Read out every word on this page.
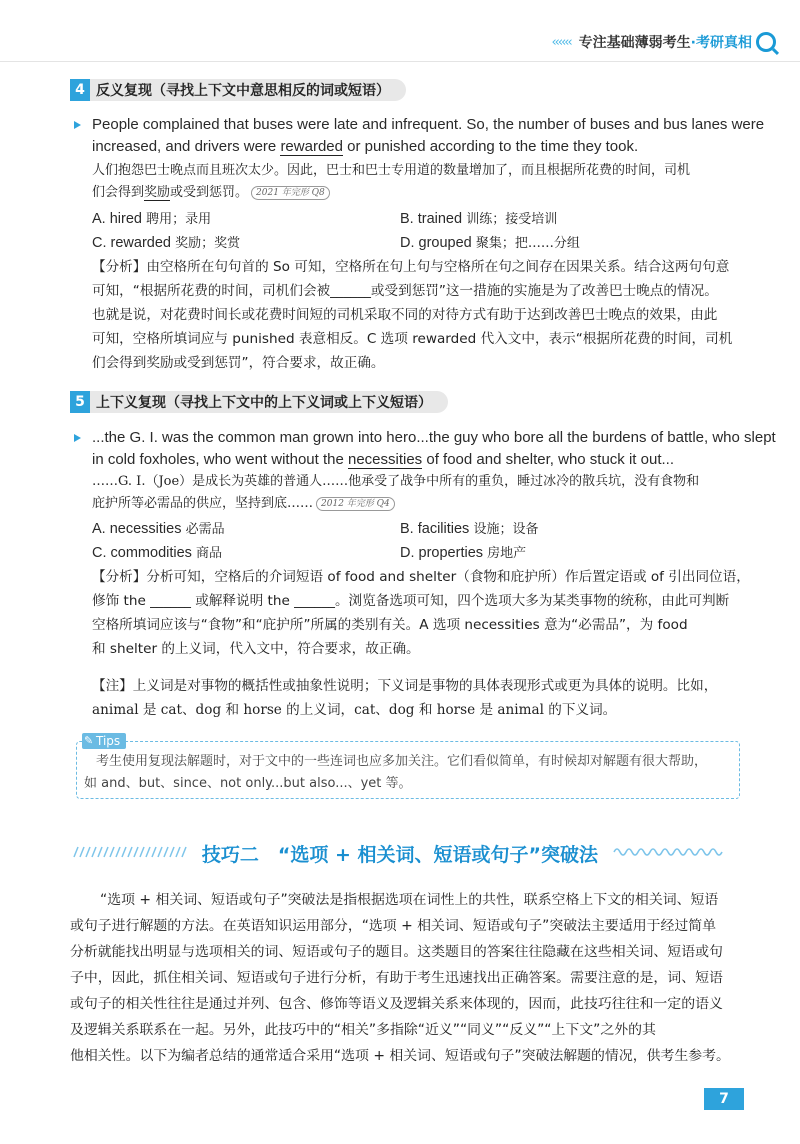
‹‹‹‹‹‹ 专注基础薄弱考生·考研真相
4 反义复现（寻找上下文中意思相反的词或短语）
People complained that buses were late and infrequent. So, the number of buses and bus lanes were
increased, and drivers were rewarded or punished according to the time they took.
人们抱怨巴士晚点而且班次太少。因此，巴士和巴士专用道的数量增加了，而且根据所花费的时间，司机
们会得到奖励或受到惩罚。 2021 年完形 Q8
A. hired 聘用；录用	B. trained 训练；接受培训
C. rewarded 奖励；奖赏	D. grouped 聚集；把……分组
【分析】由空格所在句句首的 So 可知，空格所在句上句与空格所在句之间存在因果关系。结合这两句句意
可知，“根据所花费的时间，司机们会被______或受到惩罚”这一措施的实施是为了改善巴士晚点的情况。
也就是说，对花费时间长或花费时间短的司机采取不同的对待方式有助于达到改善巴士晚点的效果，由此
可知，空格所填词应与 punished 表意相反。C 选项 rewarded 代入文中，表示“根据所花费的时间，司机
们会得到奖励或受到惩罚”，符合要求，故正确。
5 上下义复现（寻找上下文中的上下义词或上下义短语）
...the G. I. was the common man grown into hero...the guy who bore all the burdens of battle, who slept
in cold foxholes, who went without the necessities of food and shelter, who stuck it out...
……G. I.（Joe）是成长为英雄的普通人……他承受了战争中所有的重负，睡过冰冷的散兵坑，没有食物和
庇护所等必需品的供应，坚持到底…… 2012 年完形 Q4
A. necessities 必需品	B. facilities 设施；设备
C. commodities 商品	D. properties 房地产
【分析】分析可知，空格后的介词短语 of food and shelter（食物和庇护所）作后置定语或 of 引出同位语，
修饰 the ______ 或解释说明 the ______。浏览备选项可知，四个选项大多为某类事物的统称，由此可判断
空格所填词应该与“食物”和“庇护所”所属的类别有关。A 选项 necessities 意为“必需品”，为 food
和 shelter 的上义词，代入文中，符合要求，故正确。
【注】上义词是对事物的概括性或抽象性说明；下义词是事物的具体表现形式或更为具体的说明。比如，
animal 是 cat、dog 和 horse 的上义词，cat、dog 和 horse 是 animal 的下义词。
✎ Tips
考生使用复现法解题时，对于文中的一些连词也应多加关注。它们看似简单，有时候却对解题有很大帮助，
如 and、but、since、not only...but also...、yet 等。
技巧二　“选项 + 相关词、短语或句子”突破法
“选项 + 相关词、短语或句子”突破法是指根据选项在词性上的共性，联系空格上下文的相关词、短语
或句子进行解题的方法。在英语知识运用部分，“选项 + 相关词、短语或句子”突破法主要适用于经过简单
分析就能找出明显与选项相关的词、短语或句子的题目。这类题目的答案往往隐藏在这些相关词、短语或句
子中，因此，抓住相关词、短语或句子进行分析，有助于考生迅速找出正确答案。需要注意的是，词、短语
或句子的相关性往往是通过并列、包含、修饰等语义及逻辑关系来体现的，因而，此技巧往往和一定的语义
及逻辑关系联系在一起。另外，此技巧中的“相关”多指除“近义”“同义”“反义”“上下文”之外的其
他相关性。以下为编者总结的通常适合采用“选项 + 相关词、短语或句子”突破法解题的情况，供考生参考。
7
